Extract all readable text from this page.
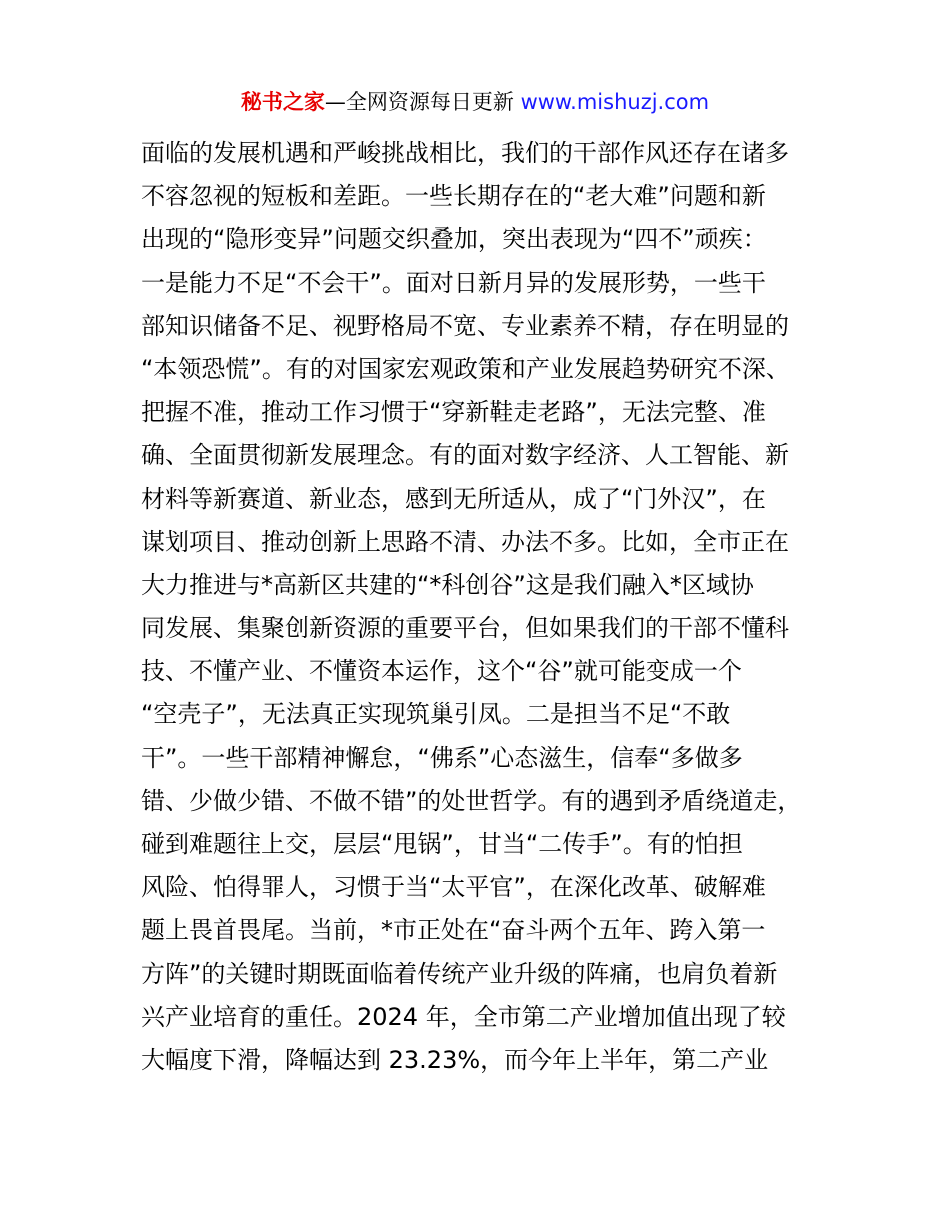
秘书之家—全网资源每日更新 www.mishuzj.com
面临的发展机遇和严峻挑战相比，我们的干部作风还存在诸多
不容忽视的短板和差距。一些长期存在的“老大难”问题和新
出现的“隐形变异”问题交织叠加，突出表现为“四不”顽疾：
一是能力不足“不会干”。面对日新月异的发展形势，一些干
部知识储备不足、视野格局不宽、专业素养不精，存在明显的
“本领恐慌”。有的对国家宏观政策和产业发展趋势研究不深、
把握不准，推动工作习惯于“穿新鞋走老路”，无法完整、准
确、全面贯彻新发展理念。有的面对数字经济、人工智能、新
材料等新赛道、新业态，感到无所适从，成了“门外汉”，在
谋划项目、推动创新上思路不清、办法不多。比如，全市正在
大力推进与*高新区共建的“*科创谷”这是我们融入*区域协
同发展、集聚创新资源的重要平台，但如果我们的干部不懂科
技、不懂产业、不懂资本运作，这个“谷”就可能变成一个
“空壳子”，无法真正实现筑巢引凤。二是担当不足“不敢
干”。一些干部精神懈怠，“佛系”心态滋生，信奉“多做多
错、少做少错、不做不错”的处世哲学。有的遇到矛盾绕道走，
碰到难题往上交，层层“甩锅”，甘当“二传手”。有的怕担
风险、怕得罪人，习惯于当“太平官”，在深化改革、破解难
题上畏首畏尾。当前，*市正处在“奋斗两个五年、跨入第一
方阵”的关键时期既面临着传统产业升级的阵痛，也肩负着新
兴产业培育的重任。2024 年，全市第二产业增加值出现了较
大幅度下滑，降幅达到 23.23%，而今年上半年，第二产业
